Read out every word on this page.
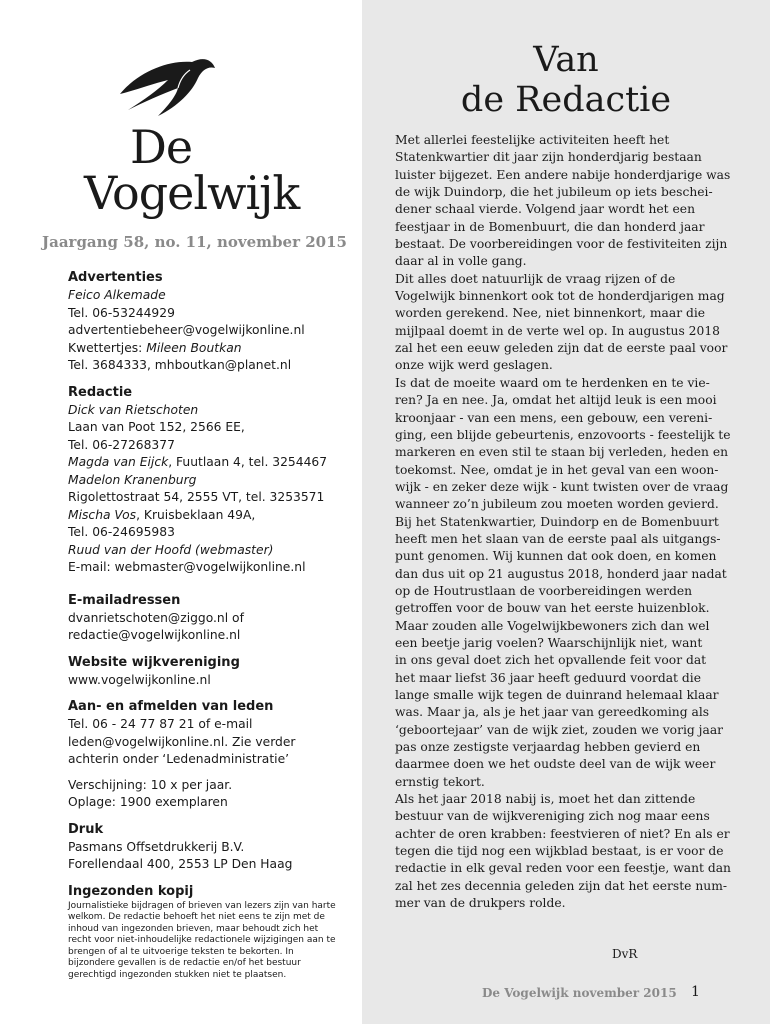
De
Vogelwijk
Jaargang 58, no. 11, november 2015

Advertenties

Feico Alkemade

Tel. 06-53244929

advertentiebeheer@vogelwijkonline.nl

Kwettertjes: Mileen Boutkan

Tel. 3684333, mhboutkan@planet.nl

Redactie

Dick van Rietschoten

Laan van Poot 152, 2566 EE,

Tel. 06-27268377

Magda van Eijck, Fuutlaan 4, tel. 3254467

Madelon Kranenburg

Rigolettostraat 54, 2555 VT, tel. 3253571

Mischa Vos, Kruisbeklaan 49A,

Tel. 06-24695983

Ruud van der Hoofd (webmaster)

E-mail: webmaster@vogelwijkonline.nl

E-mailadressen

dvanrietschoten@ziggo.nl of

redactie@vogelwijkonline.nl

Website wijkvereniging

www.vogelwijkonline.nl

Aan- en afmelden van leden

Tel. 06 - 24 77 87 21 of e-mail

leden@vogelwijkonline.nl. Zie verder

achterin onder ‘Ledenadministratie’

Verschijning: 10 x per jaar.

Oplage: 1900 exemplaren

Druk

Pasmans Offsetdrukkerij B.V.

Forellendaal 400, 2553 LP Den Haag

Ingezonden kopij

Journalistieke bijdragen of brieven van lezers zijn van harte welkom. De redactie behoeft het niet eens te zijn met de inhoud van ingezonden brieven, maar behoudt zich het recht voor niet-inhoudelijke redactionele wijzigingen aan te brengen of al te uitvoerige teksten te bekorten. In bijzondere gevallen is de redactie en/of het bestuur gerechtigd ingezonden stukken niet te plaatsen.

Van
de Redactie

Met allerlei feestelijke activiteiten heeft het

Statenkwartier dit jaar zijn honderdjarig bestaan

luister bijgezet. Een andere nabije honderdjarige was

de wijk Duindorp, die het jubileum op iets beschei-

dener schaal vierde. Volgend jaar wordt het een

feestjaar in de Bomenbuurt, die dan honderd jaar

bestaat. De voorbereidingen voor de festiviteiten zijn

daar al in volle gang.

Dit alles doet natuurlijk de vraag rijzen of de

Vogelwijk binnenkort ook tot de honderdjarigen mag

worden gerekend. Nee, niet binnenkort, maar die

mijlpaal doemt in de verte wel op. In augustus 2018

zal het een eeuw geleden zijn dat de eerste paal voor

onze wijk werd geslagen.

Is dat de moeite waard om te herdenken en te vie-

ren? Ja en nee. Ja, omdat het altijd leuk is een mooi

kroonjaar - van een mens, een gebouw, een vereni-

ging, een blijde gebeurtenis, enzovoorts - feestelijk te

markeren en even stil te staan bij verleden, heden en

toekomst. Nee, omdat je in het geval van een woon-

wijk - en zeker deze wijk - kunt twisten over de vraag

wanneer zo’n jubileum zou moeten worden gevierd.

Bij het Statenkwartier, Duindorp en de Bomenbuurt

heeft men het slaan van de eerste paal als uitgangs-

punt genomen. Wij kunnen dat ook doen, en komen

dan dus uit op 21 augustus 2018, honderd jaar nadat

op de Houtrustlaan de voorbereidingen werden

getroffen voor de bouw van het eerste huizenblok.

Maar zouden alle Vogelwijkbewoners zich dan wel

een beetje jarig voelen? Waarschijnlijk niet, want

in ons geval doet zich het opvallende feit voor dat

het maar liefst 36 jaar heeft geduurd voordat die

lange smalle wijk tegen de duinrand helemaal klaar

was. Maar ja, als je het jaar van gereedkoming als

‘geboortejaar’ van de wijk ziet, zouden we vorig jaar

pas onze zestigste verjaardag hebben gevierd en

daarmee doen we het oudste deel van de wijk weer

ernstig tekort.

Als het jaar 2018 nabij is, moet het dan zittende

bestuur van de wijkvereniging zich nog maar eens

achter de oren krabben: feestvieren of niet? En als er

tegen die tijd nog een wijkblad bestaat, is er voor de

redactie in elk geval reden voor een feestje, want dan

zal het zes decennia geleden zijn dat het eerste num-

mer van de drukpers rolde.

DvR
De Vogelwijk november 2015 1
